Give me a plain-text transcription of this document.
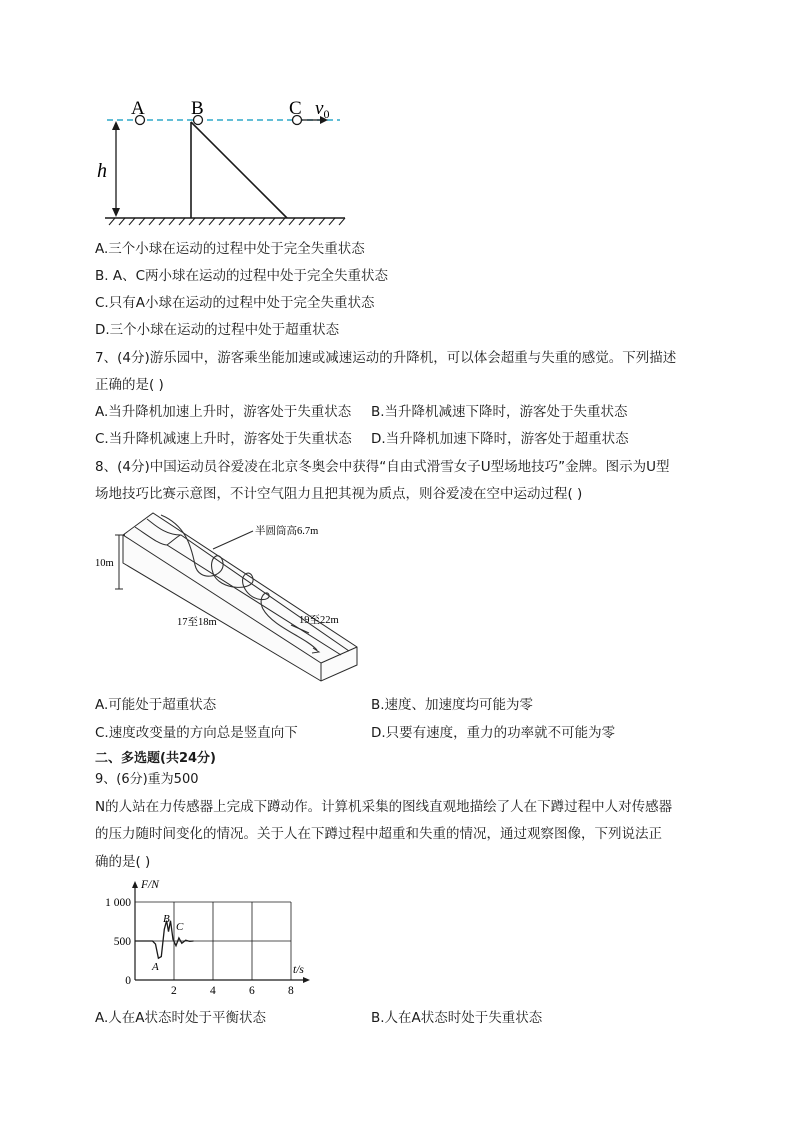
h
A B	C $v_0$
A.三个小球在运动的过程中处于完全失重状态
B. A、C两小球在运动的过程中处于完全失重状态
C.只有A小球在运动的过程中处于完全失重状态
D.三个小球在运动的过程中处于超重状态
7、(4分)游乐园中，游客乘坐能加速或减速运动的升降机，可以体会超重与失重的感觉。下列描述
正确的是( )
A.当升降机加速上升时，游客处于失重状态 B.当升降机减速下降时，游客处于失重状态
C.当升降机减速上升时，游客处于失重状态 D.当升降机加速下降时，游客处于超重状态
8、(4分)中国运动员谷爱凌在北京冬奥会中获得“自由式滑雪女子U型场地技巧”金牌。图示为U型
场地技巧比赛示意图，不计空气阻力且把其视为质点，则谷爱凌在空中运动过程( )
10m
半圆筒高6.7m
17至18m	19至22m
A.可能处于超重状态	B.速度、加速度均可能为零
C.速度改变量的方向总是竖直向下	D.只要有速度，重力的功率就不可能为零
二、多选题(共24分)
9、(6分)重为500
N的人站在力传感器上完成下蹲动作。计算机采集的图线直观地描绘了人在下蹲过程中人对传感器
的压力随时间变化的情况。关于人在下蹲过程中超重和失重的情况，通过观察图像，下列说法正
确的是( )
2	4	6	8
0
500
1 000
F/N
t/s
A
B
C
A.人在A状态时处于平衡状态	B.人在A状态时处于失重状态
